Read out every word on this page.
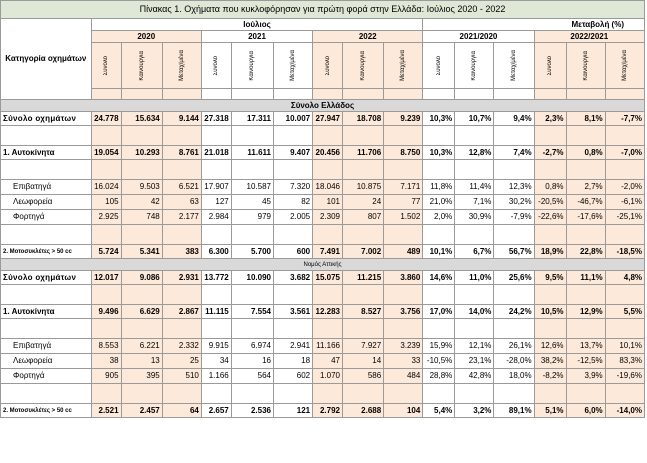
Πίνακας 1. Οχήματα που κυκλοφόρησαν για πρώτη φορά στην Ελλάδα: Ιούλιος 2020 - 2022															
Κατηγορία οχημάτων	Ιούλιος									Μεταβολή (%)					
	2020			2021			2022			2021/2020			2022/2021		

	Σύνολο	Καινούργια	Μεταχ/μένα	Σύνολο	Καινούργια	Μεταχ/μένα	Σύνολο	Καινούργια	Μεταχ/μένα	Σύνολο	Καινούργια	Μεταχ/μένα	Σύνολο	Καινούργια	Μεταχ/μένα

Σύνολο Ελλάδος															
Σύνολο οχημάτων	24.778	15.634	9.144	27.318	17.311	10.007	27.947	18.708	9.239	10,3%	10,7%	9,4%	2,3%	8,1%	-7,7%

1. Αυτοκίνητα	19.054	10.293	8.761	21.018	11.611	9.407	20.456	11.706	8.750	10,3%	12,8%	7,4%	-2,7%	0,8%	-7,0%

Επιβατηγά	16.024	9.503	6.521	17.907	10.587	7.320	18.046	10.875	7.171	11,8%	11,4%	12,3%	0,8%	2,7%	-2,0%
Λεωφορεία	105	42	63	127	45	82	101	24	77	21,0%	7,1%	30,2%	-20,5%	-46,7%	-6,1%
Φορτηγά	2.925	748	2.177	2.984	979	2.005	2.309	807	1.502	2,0%	30,9%	-7,9%	-22,6%	-17,6%	-25,1%

2. Μοτοσυκλέτες > 50 cc	5.724	5.341	383	6.300	5.700	600	7.491	7.002	489	10,1%	6,7%	56,7%	18,9%	22,8%	-18,5%
Νομός Αττικής															
Σύνολο οχημάτων	12.017	9.086	2.931	13.772	10.090	3.682	15.075	11.215	3.860	14,6%	11,0%	25,6%	9,5%	11,1%	4,8%

1. Αυτοκίνητα	9.496	6.629	2.867	11.115	7.554	3.561	12.283	8.527	3.756	17,0%	14,0%	24,2%	10,5%	12,9%	5,5%

Επιβατηγά	8.553	6.221	2.332	9.915	6.974	2.941	11.166	7.927	3.239	15,9%	12,1%	26,1%	12,6%	13,7%	10,1%
Λεωφορεία	38	13	25	34	16	18	47	14	33	-10,5%	23,1%	-28,0%	38,2%	-12,5%	83,3%
Φορτηγά	905	395	510	1.166	564	602	1.070	586	484	28,8%	42,8%	18,0%	-8,2%	3,9%	-19,6%

2. Μοτοσυκλέτες > 50 cc	2.521	2.457	64	2.657	2.536	121	2.792	2.688	104	5,4%	3,2%	89,1%	5,1%	6,0%	-14,0%
